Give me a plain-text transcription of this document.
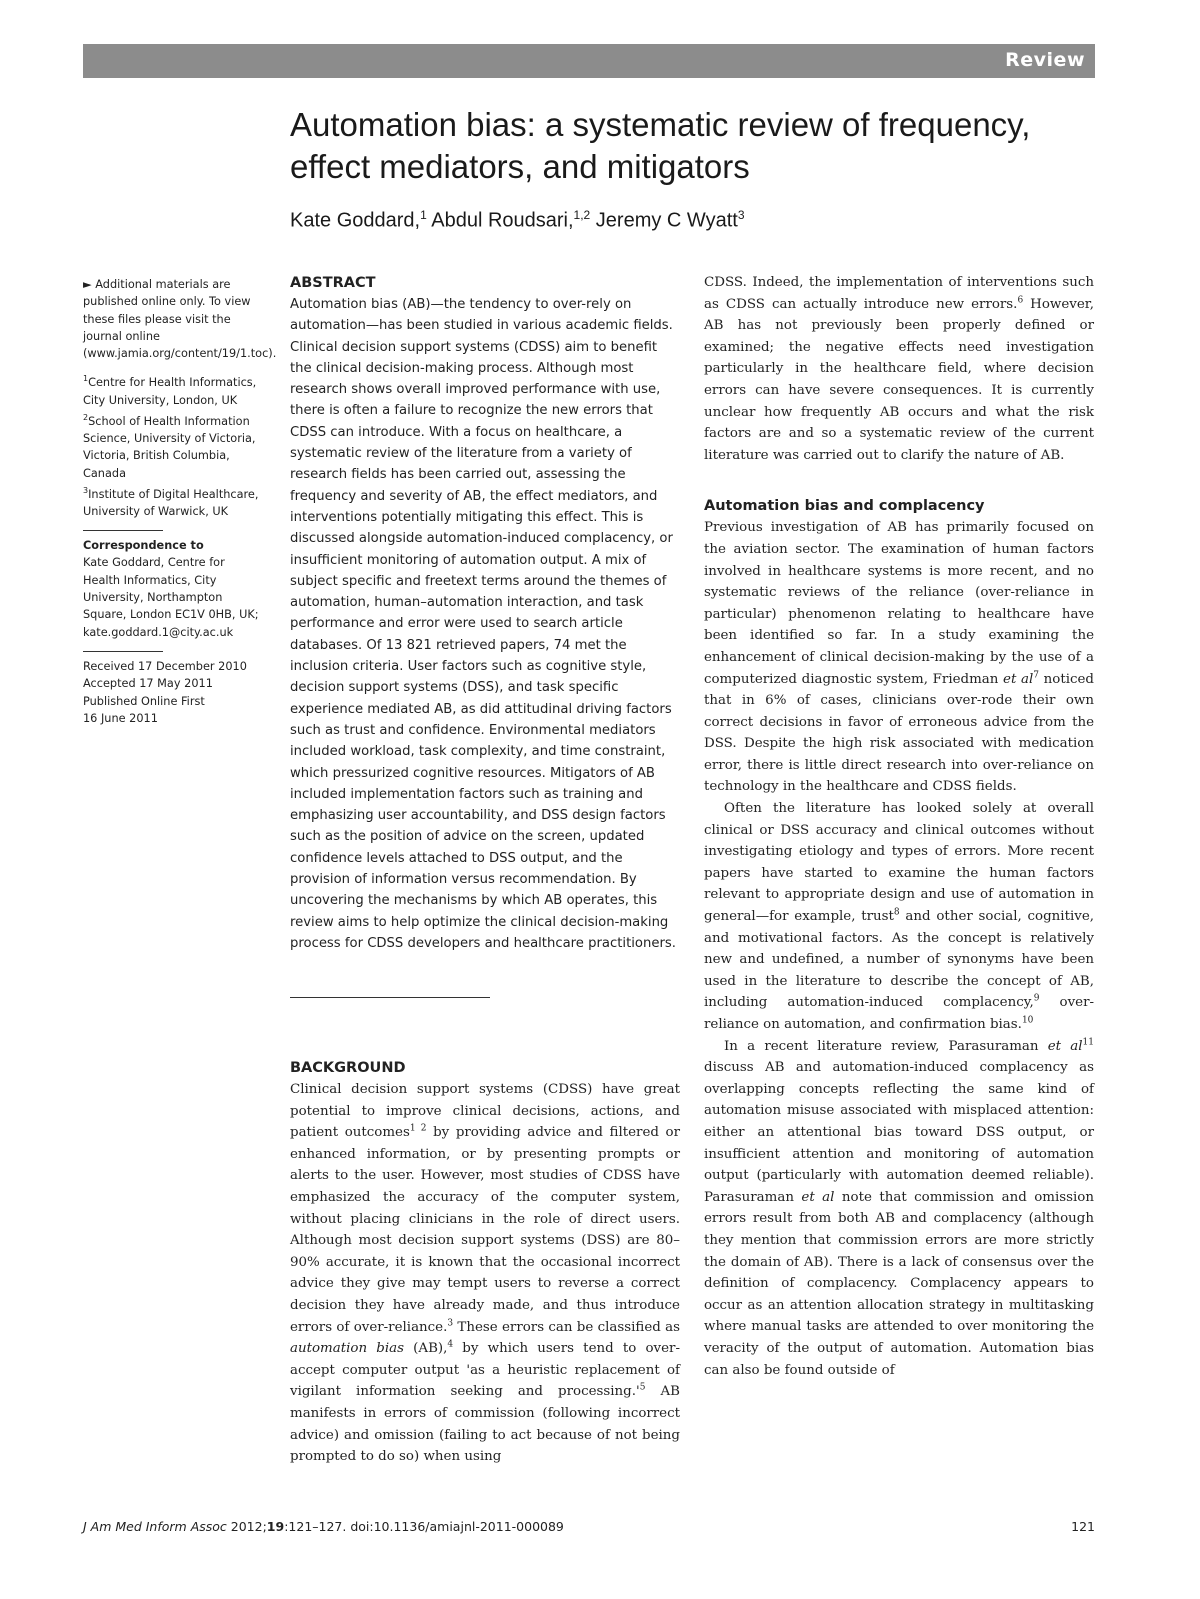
Review
Automation bias: a systematic review of frequency, effect mediators, and mitigators
Kate Goddard,$^1$ Abdul Roudsari,$^{1,2}$ Jeremy C Wyatt$^3$

► Additional materials are published online only. To view these files please visit the journal online (www.jamia.org/content/19/1.toc).

$^1$Centre for Health Informatics, City University, London, UK

$^2$School of Health Information Science, University of Victoria, Victoria, British Columbia, Canada

$^3$Institute of Digital Healthcare, University of Warwick, UK

Correspondence to

Kate Goddard, Centre for Health Informatics, City University, Northampton Square, London EC1V 0HB, UK; kate.goddard.1@city.ac.uk

Received 17 December 2010

Accepted 17 May 2011

Published Online First

16 June 2011

ABSTRACT

Automation bias (AB)—the tendency to over-rely on automation—has been studied in various academic fields. Clinical decision support systems (CDSS) aim to benefit the clinical decision-making process. Although most research shows overall improved performance with use, there is often a failure to recognize the new errors that CDSS can introduce. With a focus on healthcare, a systematic review of the literature from a variety of research fields has been carried out, assessing the frequency and severity of AB, the effect mediators, and interventions potentially mitigating this effect. This is discussed alongside automation-induced complacency, or insufficient monitoring of automation output. A mix of subject specific and freetext terms around the themes of automation, human–automation interaction, and task performance and error were used to search article databases. Of 13 821 retrieved papers, 74 met the inclusion criteria. User factors such as cognitive style, decision support systems (DSS), and task specific experience mediated AB, as did attitudinal driving factors such as trust and confidence. Environmental mediators included workload, task complexity, and time constraint, which pressurized cognitive resources. Mitigators of AB included implementation factors such as training and emphasizing user accountability, and DSS design factors such as the position of advice on the screen, updated confidence levels attached to DSS output, and the provision of information versus recommendation. By uncovering the mechanisms by which AB operates, this review aims to help optimize the clinical decision-making process for CDSS developers and healthcare practitioners.

BACKGROUND

Clinical decision support systems (CDSS) have great potential to improve clinical decisions, actions, and patient outcomes$^{1 2}$ by providing advice and filtered or enhanced information, or by presenting prompts or alerts to the user. However, most studies of CDSS have emphasized the accuracy of the computer system, without placing clinicians in the role of direct users. Although most decision support systems (DSS) are 80–90% accurate, it is known that the occasional incorrect advice they give may tempt users to reverse a correct decision they have already made, and thus introduce errors of over-reliance.$^3$ These errors can be classified as automation bias (AB),$^4$ by which users tend to over-accept computer output 'as a heuristic replacement of vigilant information seeking and $processing.'^5$ AB manifests in errors of commission (following incorrect advice) and omission (failing to act because of not being prompted to do so) when using

CDSS. Indeed, the implementation of interventions such as CDSS can actually introduce new errors.$^6$ However, AB has not previously been properly defined or examined; the negative effects need investigation particularly in the healthcare field, where decision errors can have severe consequences. It is currently unclear how frequently AB occurs and what the risk factors are and so a systematic review of the current literature was carried out to clarify the nature of AB.

Automation bias and complacency

Previous investigation of AB has primarily focused on the aviation sector. The examination of human factors involved in healthcare systems is more recent, and no systematic reviews of the reliance (over-reliance in particular) phenomenon relating to healthcare have been identified so far. In a study examining the enhancement of clinical decision-making by the use of a computerized diagnostic system, Friedman et $al^7$ noticed that in 6% of cases, clinicians over-rode their own correct decisions in favor of erroneous advice from the DSS. Despite the high risk associated with medication error, there is little direct research into over-reliance on technology in the healthcare and CDSS fields.

Often the literature has looked solely at overall clinical or DSS accuracy and clinical outcomes without investigating etiology and types of errors. More recent papers have started to examine the human factors relevant to appropriate design and use of automation in general—for example, trust$^8$ and other social, cognitive, and motivational factors. As the concept is relatively new and undefined, a number of synonyms have been used in the literature to describe the concept of AB, including automation-induced complacency,$^9$ over-reliance on automation, and confirmation bias.$^{10}$

In a recent literature review, Parasuraman et $al^{11}$ discuss AB and automation-induced complacency as overlapping concepts reflecting the same kind of automation misuse associated with misplaced attention: either an attentional bias toward DSS output, or insufficient attention and monitoring of automation output (particularly with automation deemed reliable). Parasuraman et al note that commission and omission errors result from both AB and complacency (although they mention that commission errors are more strictly the domain of AB). There is a lack of consensus over the definition of complacency. Complacency appears to occur as an attention allocation strategy in multitasking where manual tasks are attended to over monitoring the veracity of the output of automation. Automation bias can also be found outside of

J Am Med Inform Assoc 2012;19:121–127. doi:10.1136/amiajnl-2011-000089	121
